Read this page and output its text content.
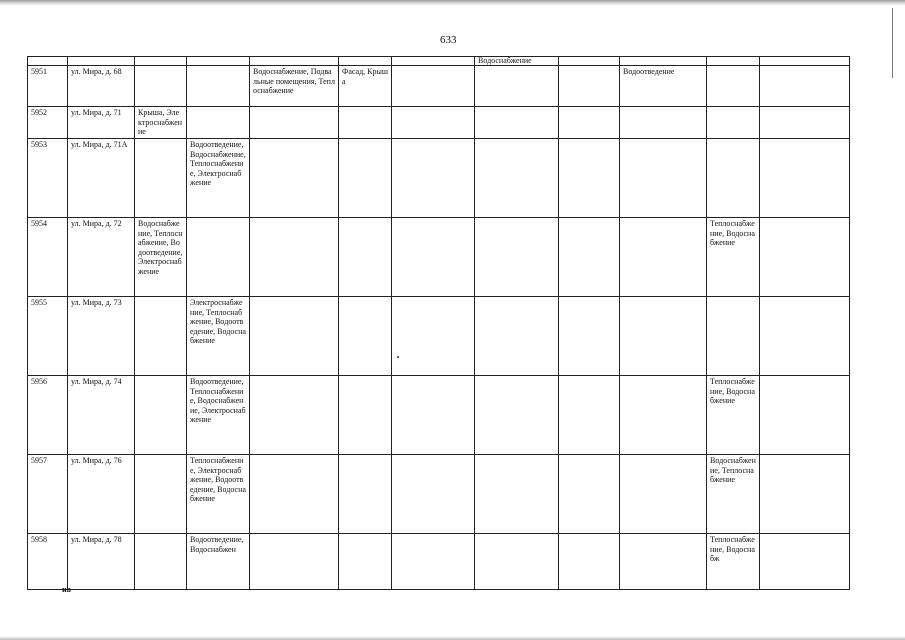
633
							Водоснабжение				
5951	ул. Мира, д. 68			Водоснабжение, Подвальные помещения, Теплоснабжение	Фасад, Крыша				Водоотведение		
5952	ул. Мира, д. 71	Крыша, Электроснабжение									
5953	ул. Мира, д. 71А		Водоотведение, Водоснабжение, Теплоснабжение, Электроснабжение								
5954	ул. Мира, д. 72	Водоснабжение, Теплоснабжение, Водоотведение, Электроснабжение								Теплоснабжение, Водоснабжение	
5955	ул. Мира, д. 73		Электроснабжение, Теплоснабжение, Водоотведение, Водоснабжение								
5956	ул. Мира, д. 74		Водоотведение, Теплоснабжение, Водоснабжение, Электроснабжение							Теплоснабжение, Водоснабжение	
5957	ул. Мира, д. 76		Теплоснабжение, Электроснабжение, Водоотведение, Водоснабжение							Водоснабжение, Теплоснабжение	
5958	ул. Мира, д. 78		Водоотведение, Водоснабжен							Теплоснабжение, Водоснабж	
нв
